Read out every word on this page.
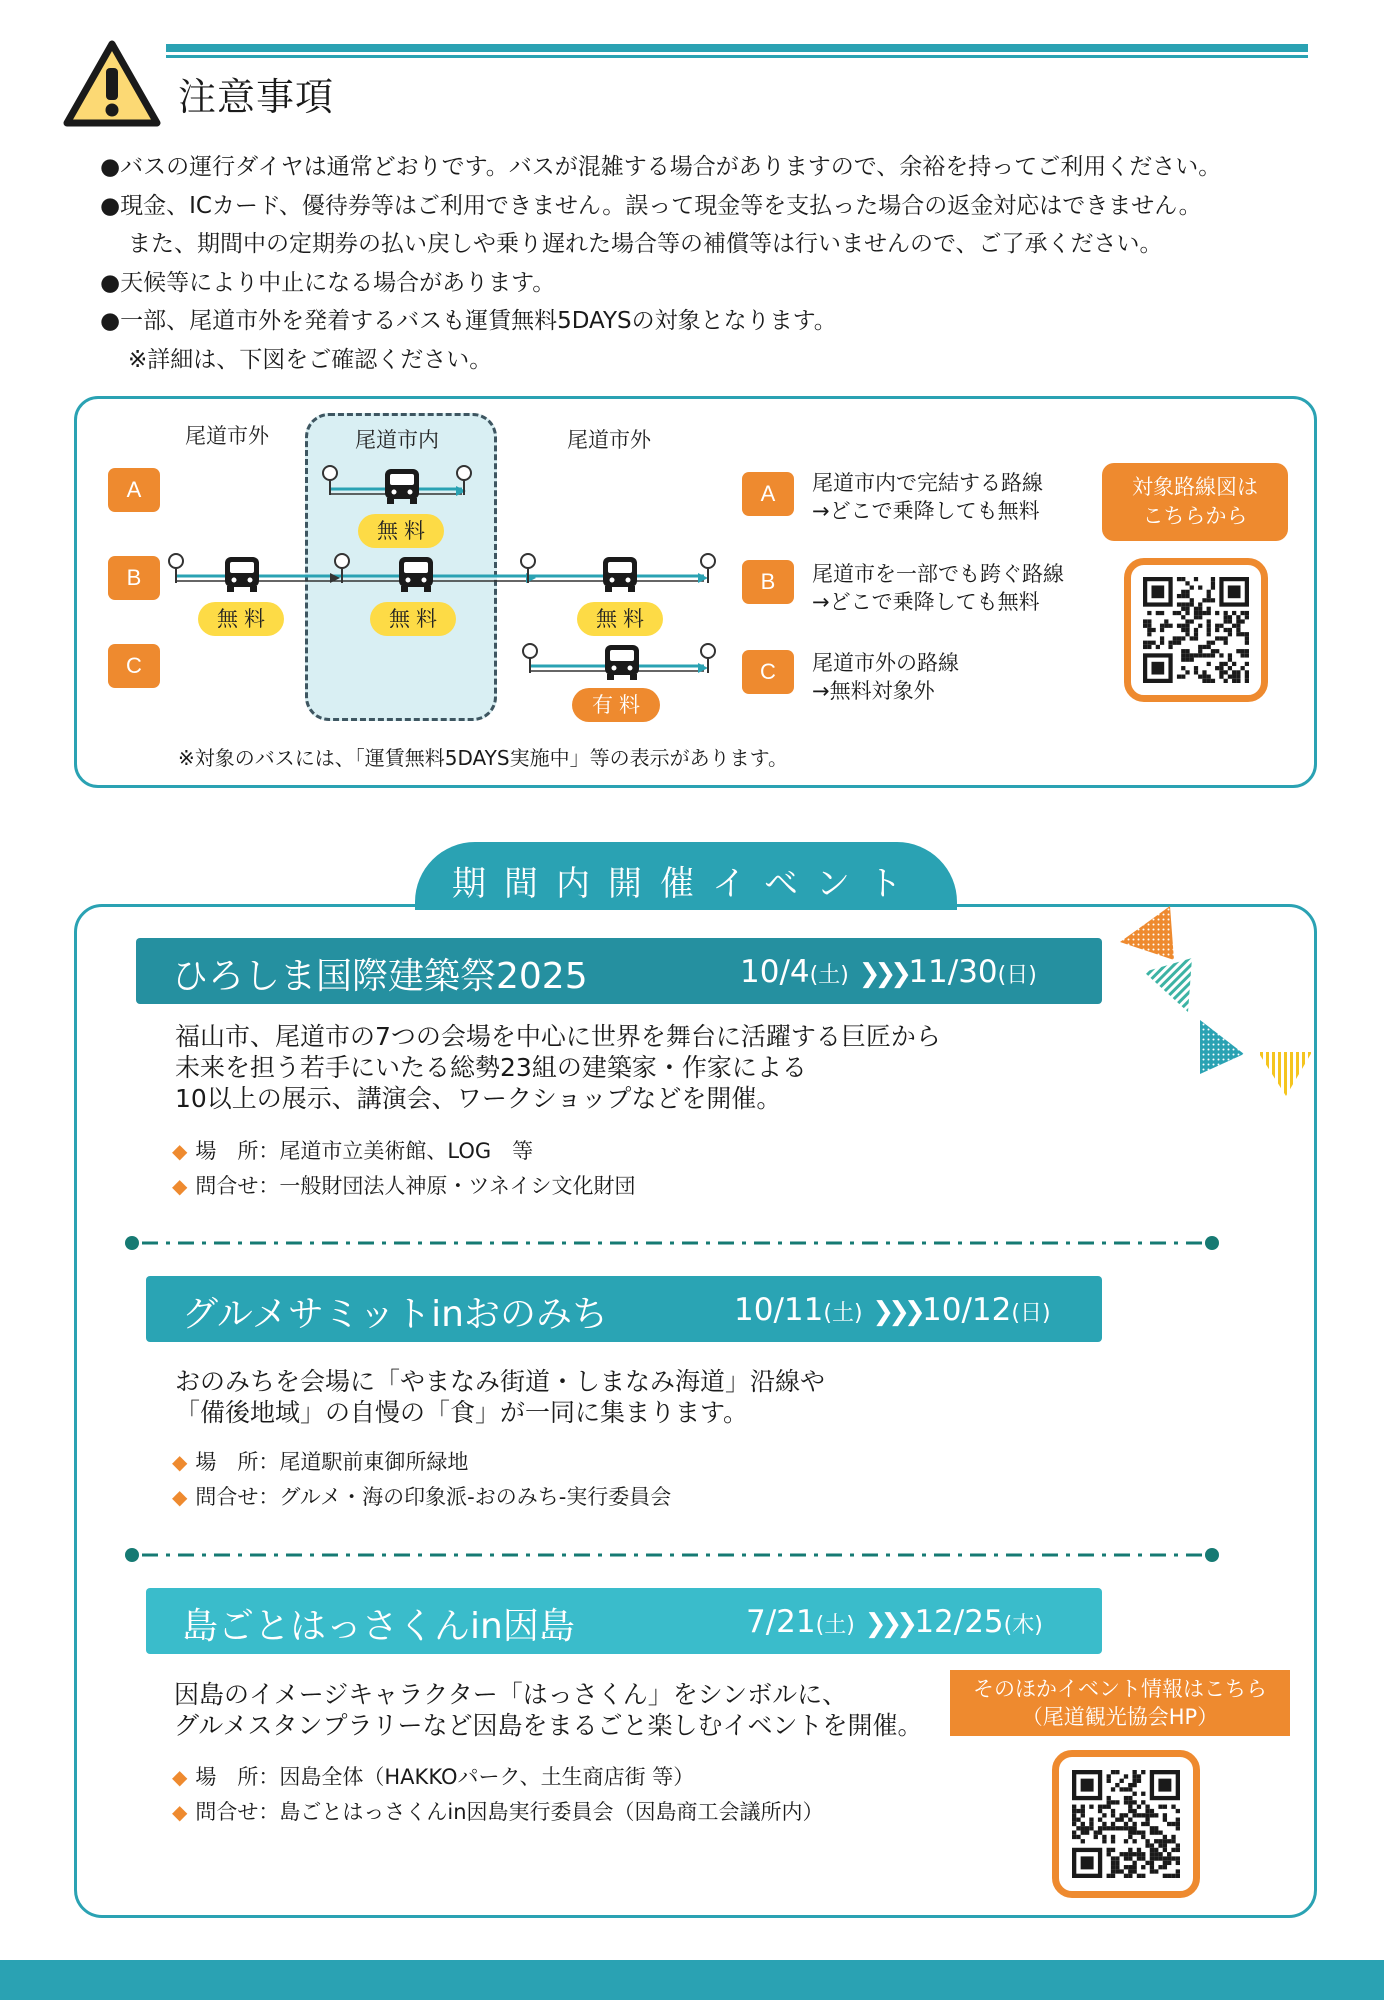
注意事項
●バスの運行ダイヤは通常どおりです。バスが混雑する場合がありますので、余裕を持ってご利用ください。
●現金、ICカード、優待券等はご利用できません。誤って現金等を支払った場合の返金対応はできません。
また、期間中の定期券の払い戻しや乗り遅れた場合等の補償等は行いませんので、ご了承ください。
●天候等により中止になる場合があります。
●一部、尾道市外を発着するバスも運賃無料5DAYSの対象となります。
※詳細は、下図をご確認ください。
尾道市外	尾道市内	尾道市外
A
B
C
無料
無料	無料	無料
有料
A	尾道市内で完結する路線
→どこで乗降しても無料
B	尾道市を一部でも跨ぐ路線
→どこで乗降しても無料
C	尾道市外の路線
→無料対象外
※対象のバスには、「運賃無料5DAYS実施中」等の表示があります。
対象路線図は
こちらから
期間内開催イベント
ひろしま国際建築祭2025	10/4(土) ❯❯❯ 11/30(日)
福山市、尾道市の7つの会場を中心に世界を舞台に活躍する巨匠から
未来を担う若手にいたる総勢23組の建築家・作家による
10以上の展示、講演会、ワークショップなどを開催。
◆ 場　所：尾道市立美術館、LOG　等
◆ 問合せ：一般財団法人神原・ツネイシ文化財団
グルメサミットinおのみち	10/11(土) ❯❯❯ 10/12(日)
おのみちを会場に「やまなみ街道・しまなみ海道」沿線や
「備後地域」の自慢の「食」が一同に集まります。
◆ 場　所：尾道駅前東御所緑地
◆ 問合せ：グルメ・海の印象派-おのみち-実行委員会
島ごとはっさくんin因島	7/21(土) ❯❯❯ 12/25(木)
因島のイメージキャラクター「はっさくん」をシンボルに、
グルメスタンプラリーなど因島をまるごと楽しむイベントを開催。
◆ 場　所：因島全体（HAKKOパーク、土生商店街 等）
◆ 問合せ：島ごとはっさくんin因島実行委員会（因島商工会議所内）
そのほかイベント情報はこちら
（尾道観光協会HP）
